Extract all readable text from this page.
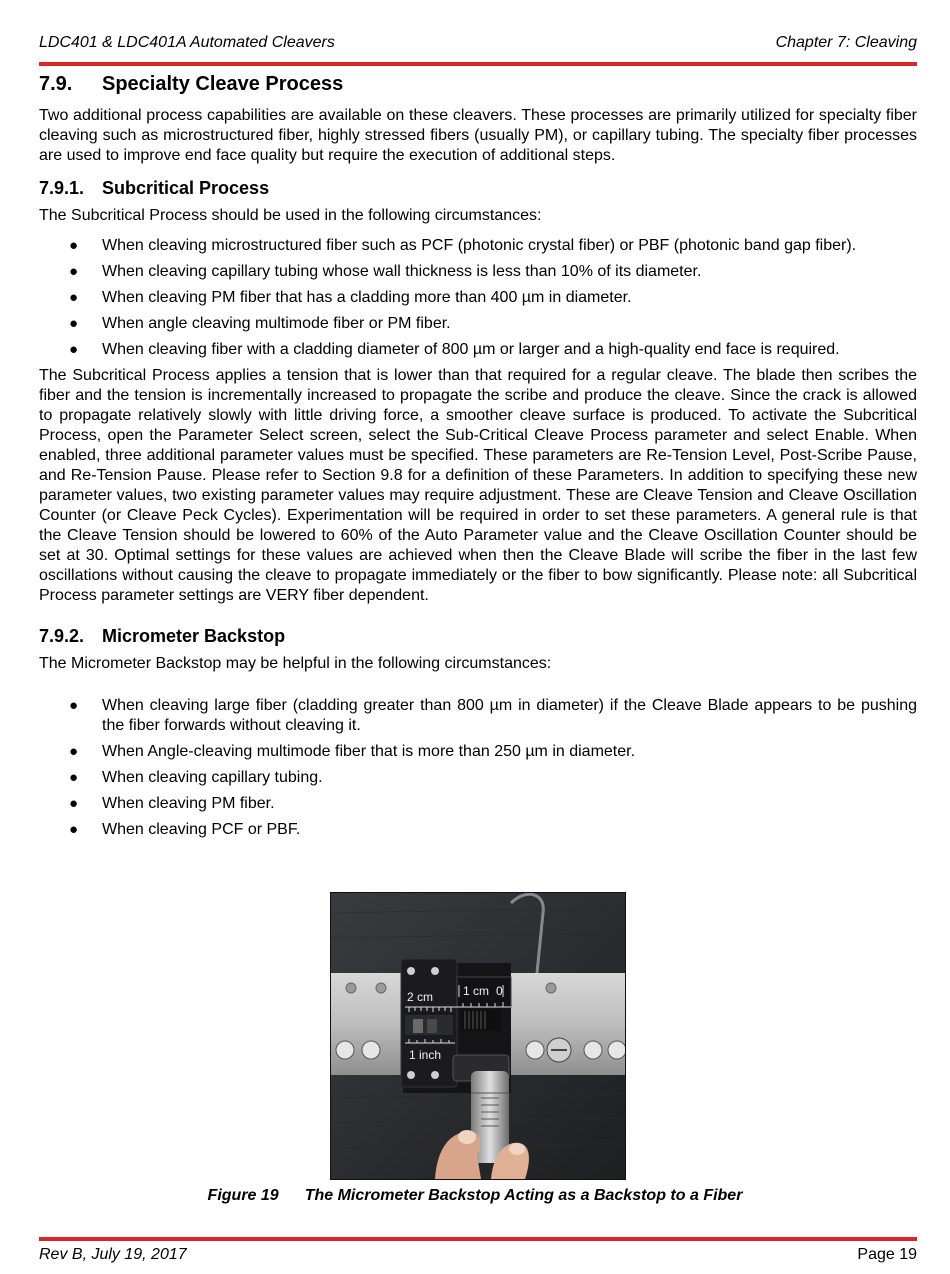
LDC401 & LDC401A Automated Cleavers	Chapter 7: Cleaving
7.9. Specialty Cleave Process

Two additional process capabilities are available on these cleavers. These processes are primarily utilized for specialty fiber cleaving such as microstructured fiber, highly stressed fibers (usually PM), or capillary tubing. The specialty fiber processes are used to improve end face quality but require the execution of additional steps.

7.9.1. Subcritical Process

The Subcritical Process should be used in the following circumstances:

● When cleaving microstructured fiber such as PCF (photonic crystal fiber) or PBF (photonic band gap fiber).
● When cleaving capillary tubing whose wall thickness is less than 10% of its diameter.
● When cleaving PM fiber that has a cladding more than 400 µm in diameter.
● When angle cleaving multimode fiber or PM fiber.
● When cleaving fiber with a cladding diameter of 800 µm or larger and a high-quality end face is required.

The Subcritical Process applies a tension that is lower than that required for a regular cleave. The blade then scribes the fiber and the tension is incrementally increased to propagate the scribe and produce the cleave. Since the crack is allowed to propagate relatively slowly with little driving force, a smoother cleave surface is produced. To activate the Subcritical Process, open the Parameter Select screen, select the Sub-Critical Cleave Process parameter and select Enable. When enabled, three additional parameter values must be specified. These parameters are Re-Tension Level, Post-Scribe Pause, and Re-Tension Pause. Please refer to Section 9.8 for a definition of these Parameters. In addition to specifying these new parameter values, two existing parameter values may require adjustment. These are Cleave Tension and Cleave Oscillation Counter (or Cleave Peck Cycles). Experimentation will be required in order to set these parameters. A general rule is that the Cleave Tension should be lowered to 60% of the Auto Parameter value and the Cleave Oscillation Counter should be set at 30. Optimal settings for these values are achieved when then the Cleave Blade will scribe the fiber in the last few oscillations without causing the cleave to propagate immediately or the fiber to bow significantly. Please note: all Subcritical Process parameter settings are VERY fiber dependent.

7.9.2. Micrometer Backstop

The Micrometer Backstop may be helpful in the following circumstances:

● When cleaving large fiber (cladding greater than 800 µm in diameter) if the Cleave Blade appears to be pushing the fiber forwards without cleaving it.
● When Angle-cleaving multimode fiber that is more than 250 µm in diameter.
● When cleaving capillary tubing.
● When cleaving PM fiber.
● When cleaving PCF or PBF.
2 cm 1 cm 0
1 inch
Figure 19 The Micrometer Backstop Acting as a Backstop to a Fiber
Rev B, July 19, 2017	Page 19
